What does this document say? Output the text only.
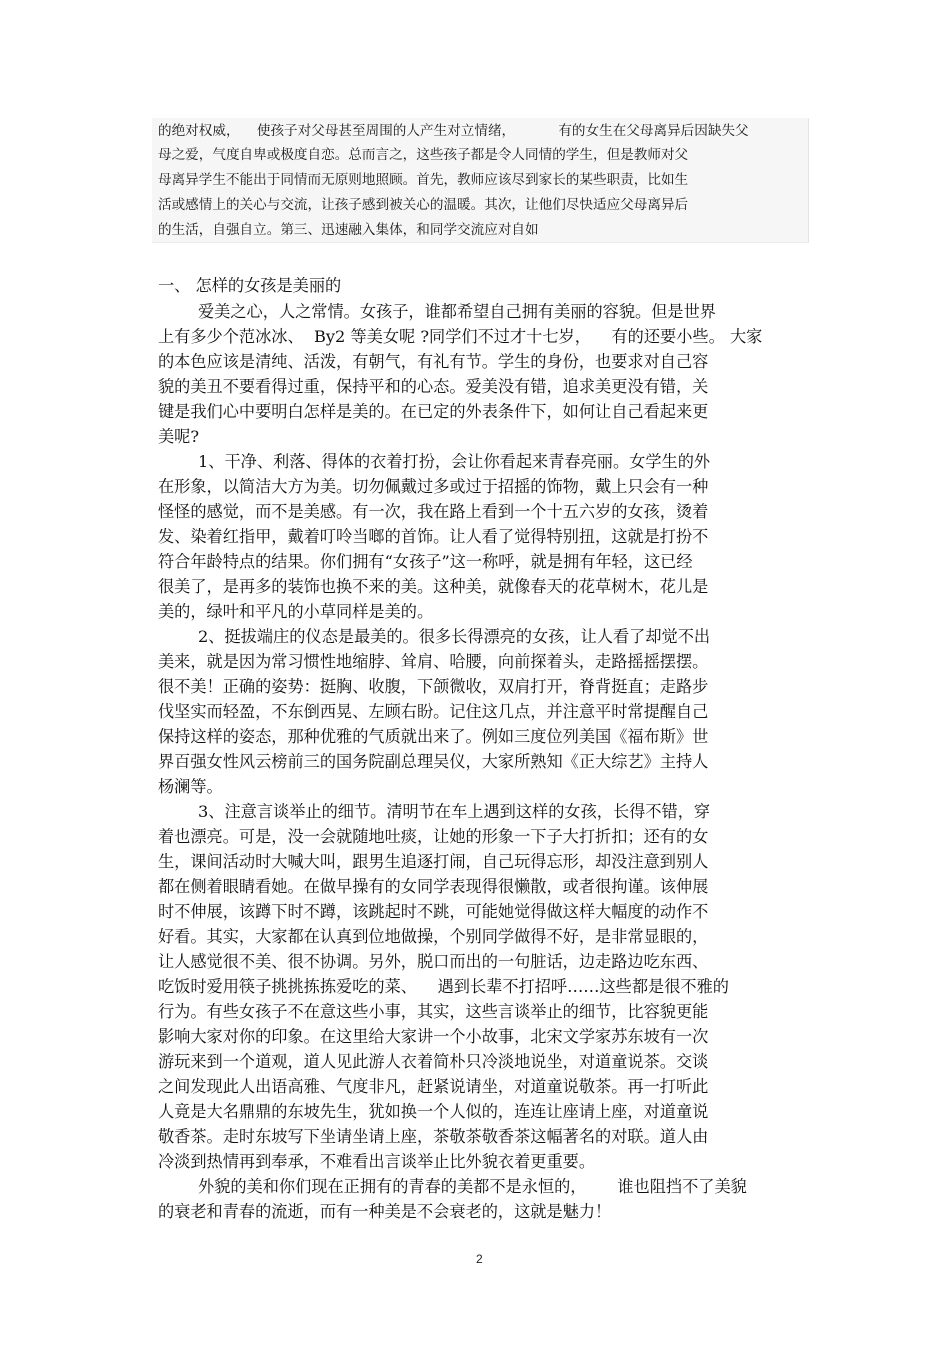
的绝对权威，    使孩子对父母甚至周围的人产生对立情绪，          有的女生在父母离异后因缺失父
母之爱，气度自卑或极度自恋。总而言之，这些孩子都是令人同情的学生，但是教师对父
母离异学生不能出于同情而无原则地照顾。首先，教师应该尽到家长的某些职责，比如生
活或感情上的关心与交流，让孩子感到被关心的温暖。其次，让他们尽快适应父母离异后
的生活，自强自立。第三、迅速融入集体，和同学交流应对自如
一、 怎样的女孩是美丽的
爱美之心，人之常情。女孩子，谁都希望自己拥有美丽的容貌。但是世界
上有多少个范冰冰、  By2 等美女呢 ?同学们不过才十七岁，    有的还要小些。 大家
的本色应该是清纯、活泼，有朝气，有礼有节。学生的身份，也要求对自己容
貌的美丑不要看得过重，保持平和的心态。爱美没有错，追求美更没有错，关
键是我们心中要明白怎样是美的。在已定的外表条件下，如何让自己看起来更
美呢?
1、干净、利落、得体的衣着打扮，会让你看起来青春亮丽。女学生的外
在形象，以简洁大方为美。切勿佩戴过多或过于招摇的饰物，戴上只会有一种
怪怪的感觉，而不是美感。有一次，我在路上看到一个十五六岁的女孩，烫着
发、染着红指甲，戴着叮呤当啷的首饰。让人看了觉得特别扭，这就是打扮不
符合年龄特点的结果。你们拥有“女孩子”这一称呼，就是拥有年轻，这已经
很美了，是再多的装饰也换不来的美。这种美，就像春天的花草树木，花儿是
美的，绿叶和平凡的小草同样是美的。
2、挺拔端庄的仪态是最美的。很多长得漂亮的女孩，让人看了却觉不出
美来，就是因为常习惯性地缩脖、耸肩、哈腰，向前探着头，走路摇摇摆摆。
很不美！正确的姿势：挺胸、收腹，下颌微收，双肩打开，脊背挺直；走路步
伐坚实而轻盈，不东倒西晃、左顾右盼。记住这几点，并注意平时常提醒自己
保持这样的姿态，那种优雅的气质就出来了。例如三度位列美国《福布斯》世
界百强女性风云榜前三的国务院副总理吴仪，大家所熟知《正大综艺》主持人
杨澜等。
3、注意言谈举止的细节。清明节在车上遇到这样的女孩，长得不错，穿
着也漂亮。可是，没一会就随地吐痰，让她的形象一下子大打折扣；还有的女
生，课间活动时大喊大叫，跟男生追逐打闹，自己玩得忘形，却没注意到别人
都在侧着眼睛看她。在做早操有的女同学表现得很懒散，或者很拘谨。该伸展
时不伸展，该蹲下时不蹲，该跳起时不跳，可能她觉得做这样大幅度的动作不
好看。其实，大家都在认真到位地做操，个别同学做得不好，是非常显眼的，
让人感觉很不美、很不协调。另外，脱口而出的一句脏话，边走路边吃东西、
吃饭时爱用筷子挑挑拣拣爱吃的菜、    遇到长辈不打招呼……这些都是很不雅的
行为。有些女孩子不在意这些小事，其实，这些言谈举止的细节，比容貌更能
影响大家对你的印象。在这里给大家讲一个小故事，北宋文学家苏东坡有一次
游玩来到一个道观，道人见此游人衣着简朴只冷淡地说坐，对道童说茶。交谈
之间发现此人出语高雅、气度非凡，赶紧说请坐，对道童说敬茶。再一打听此
人竟是大名鼎鼎的东坡先生，犹如换一个人似的，连连让座请上座，对道童说
敬香茶。走时东坡写下坐请坐请上座，茶敬茶敬香茶这幅著名的对联。道人由
冷淡到热情再到奉承，不难看出言谈举止比外貌衣着更重要。
外貌的美和你们现在正拥有的青春的美都不是永恒的，      谁也阻挡不了美貌
的衰老和青春的流逝，而有一种美是不会衰老的，这就是魅力！
2
